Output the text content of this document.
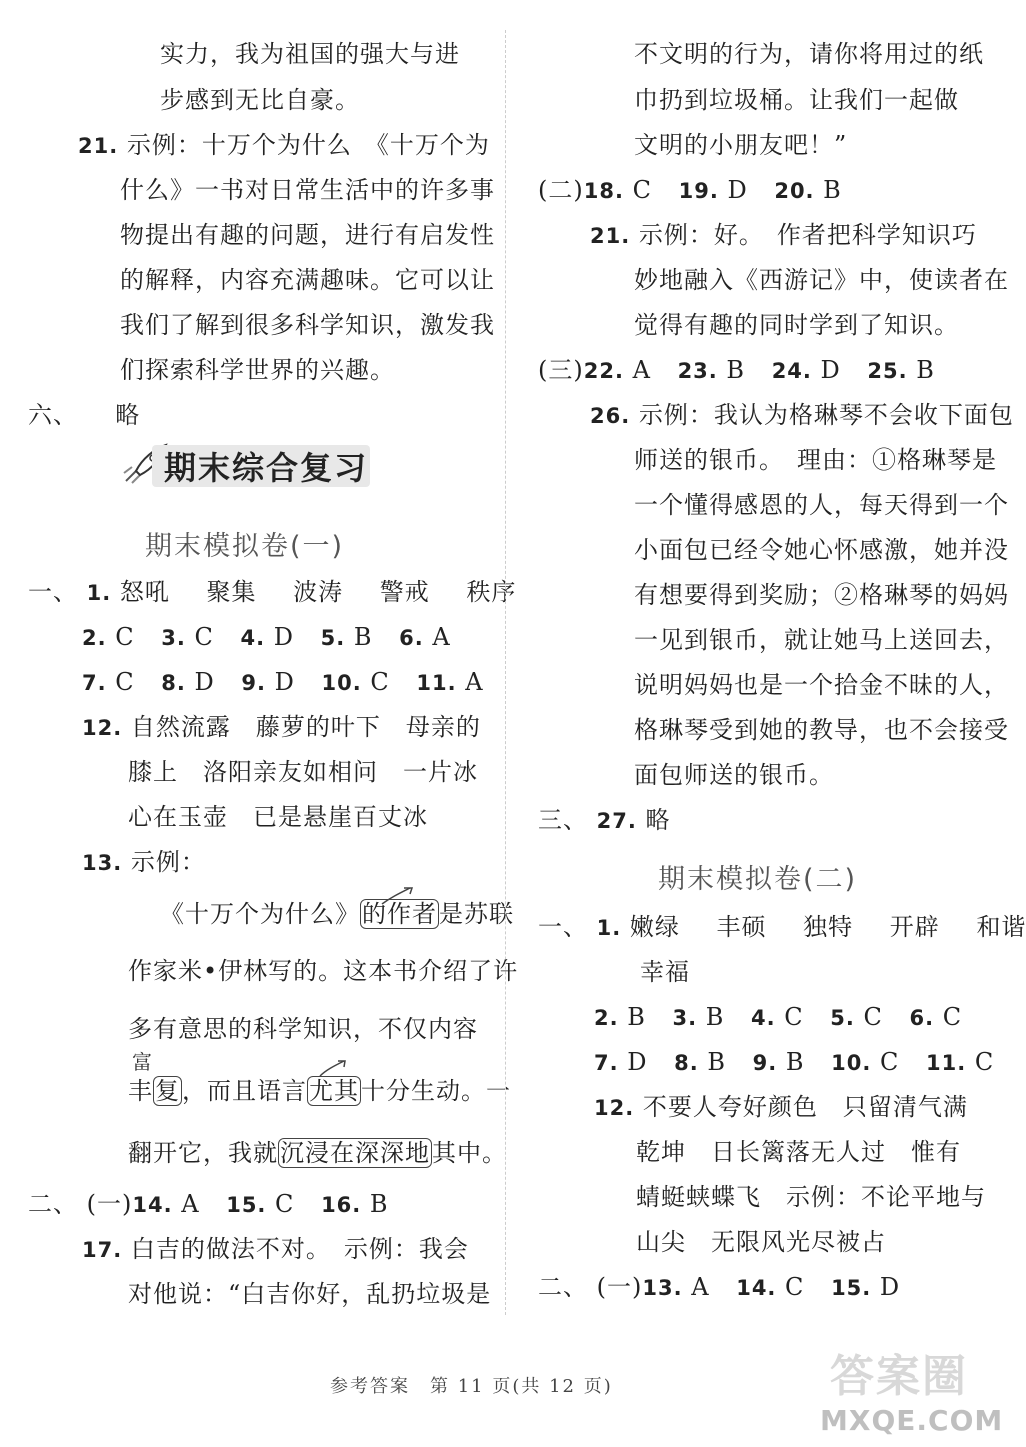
实力，我为祖国的强大与进
步感到无比自豪。
21. 示例：十万个为什么　《十万个为
什么》一书对日常生活中的许多事
物提出有趣的问题，进行有启发性
的解释，内容充满趣味。它可以让
我们了解到很多科学知识，激发我
们探索科学世界的兴趣。
六、 略
期末综合复习
期末模拟卷(一)
一、 1. 怒吼 聚集 波涛 警戒 秩序
2. C 3. C 4. D 5. B 6. A
7. C 8. D 9. D 10. C 11. A
12. 自然流露　藤萝的叶下　母亲的
膝上　洛阳亲友如相问　一片冰
心在玉壶　已是悬崖百丈冰
13. 示例：
《十万个为什么》的作者是苏联
作家米•伊林写的。这本书介绍了许
多有意思的科学知识，不仅内容
富
丰复，而且语言尤其十分生动。一
翻开它，我就沉浸在深深地其中。
二、 (一)14. A 15. C 16. B
17. 白吉的做法不对。　示例：我会
对他说：“白吉你好，乱扔垃圾是
不文明的行为，请你将用过的纸
巾扔到垃圾桶。让我们一起做
文明的小朋友吧！”
(二)18. C 19. D 20. B
21. 示例：好。　作者把科学知识巧
妙地融入《西游记》中，使读者在
觉得有趣的同时学到了知识。
(三)22. A 23. B 24. D 25. B
26. 示例：我认为格琳琴不会收下面包
师送的银币。　理由：①格琳琴是
一个懂得感恩的人，每天得到一个
小面包已经令她心怀感激，她并没
有想要得到奖励；②格琳琴的妈妈
一见到银币，就让她马上送回去，
说明妈妈也是一个拾金不昧的人，
格琳琴受到她的教导，也不会接受
面包师送的银币。
三、 27. 略
期末模拟卷(二)
一、 1. 嫩绿 丰硕 独特 开辟 和谐
幸福
2. B 3. B 4. C 5. C 6. C
7. D 8. B 9. B 10. C 11. C
12. 不要人夸好颜色　只留清气满
乾坤　日长篱落无人过　惟有
蜻蜓蛱蝶飞　示例：不论平地与
山尖　无限风光尽被占
二、 (一)13. A 14. C 15. D
参考答案　第 11 页(共 12 页)	答案圈
MXQE.COM
